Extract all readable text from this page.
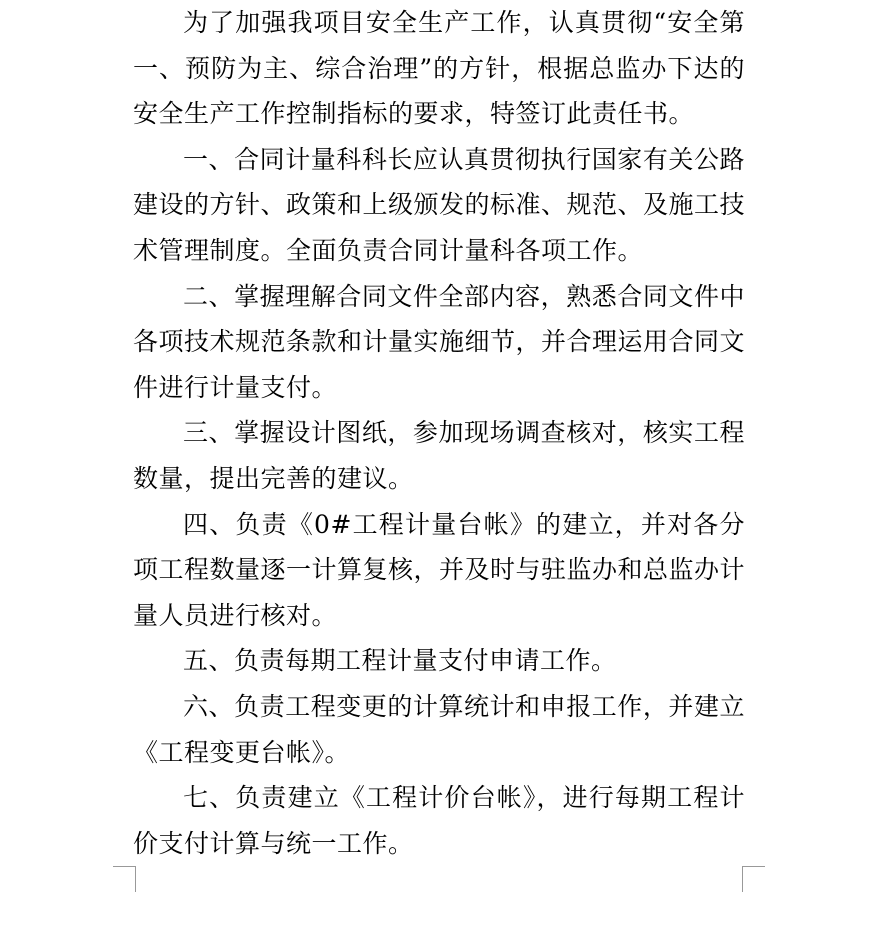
为了加强我项目安全生产工作，认真贯彻“安全第一、预防为主、综合治理”的方针，根据总监办下达的安全生产工作控制指标的要求，特签订此责任书。

一、合同计量科科长应认真贯彻执行国家有关公路建设的方针、政策和上级颁发的标准、规范、及施工技术管理制度。全面负责合同计量科各项工作。

二、掌握理解合同文件全部内容，熟悉合同文件中各项技术规范条款和计量实施细节，并合理运用合同文件进行计量支付。

三、掌握设计图纸，参加现场调查核对，核实工程数量，提出完善的建议。

四、负责《0#工程计量台帐》的建立，并对各分项工程数量逐一计算复核，并及时与驻监办和总监办计量人员进行核对。

五、负责每期工程计量支付申请工作。

六、负责工程变更的计算统计和申报工作，并建立《工程变更台帐》。

七、负责建立《工程计价台帐》，进行每期工程计价支付计算与统一工作。
